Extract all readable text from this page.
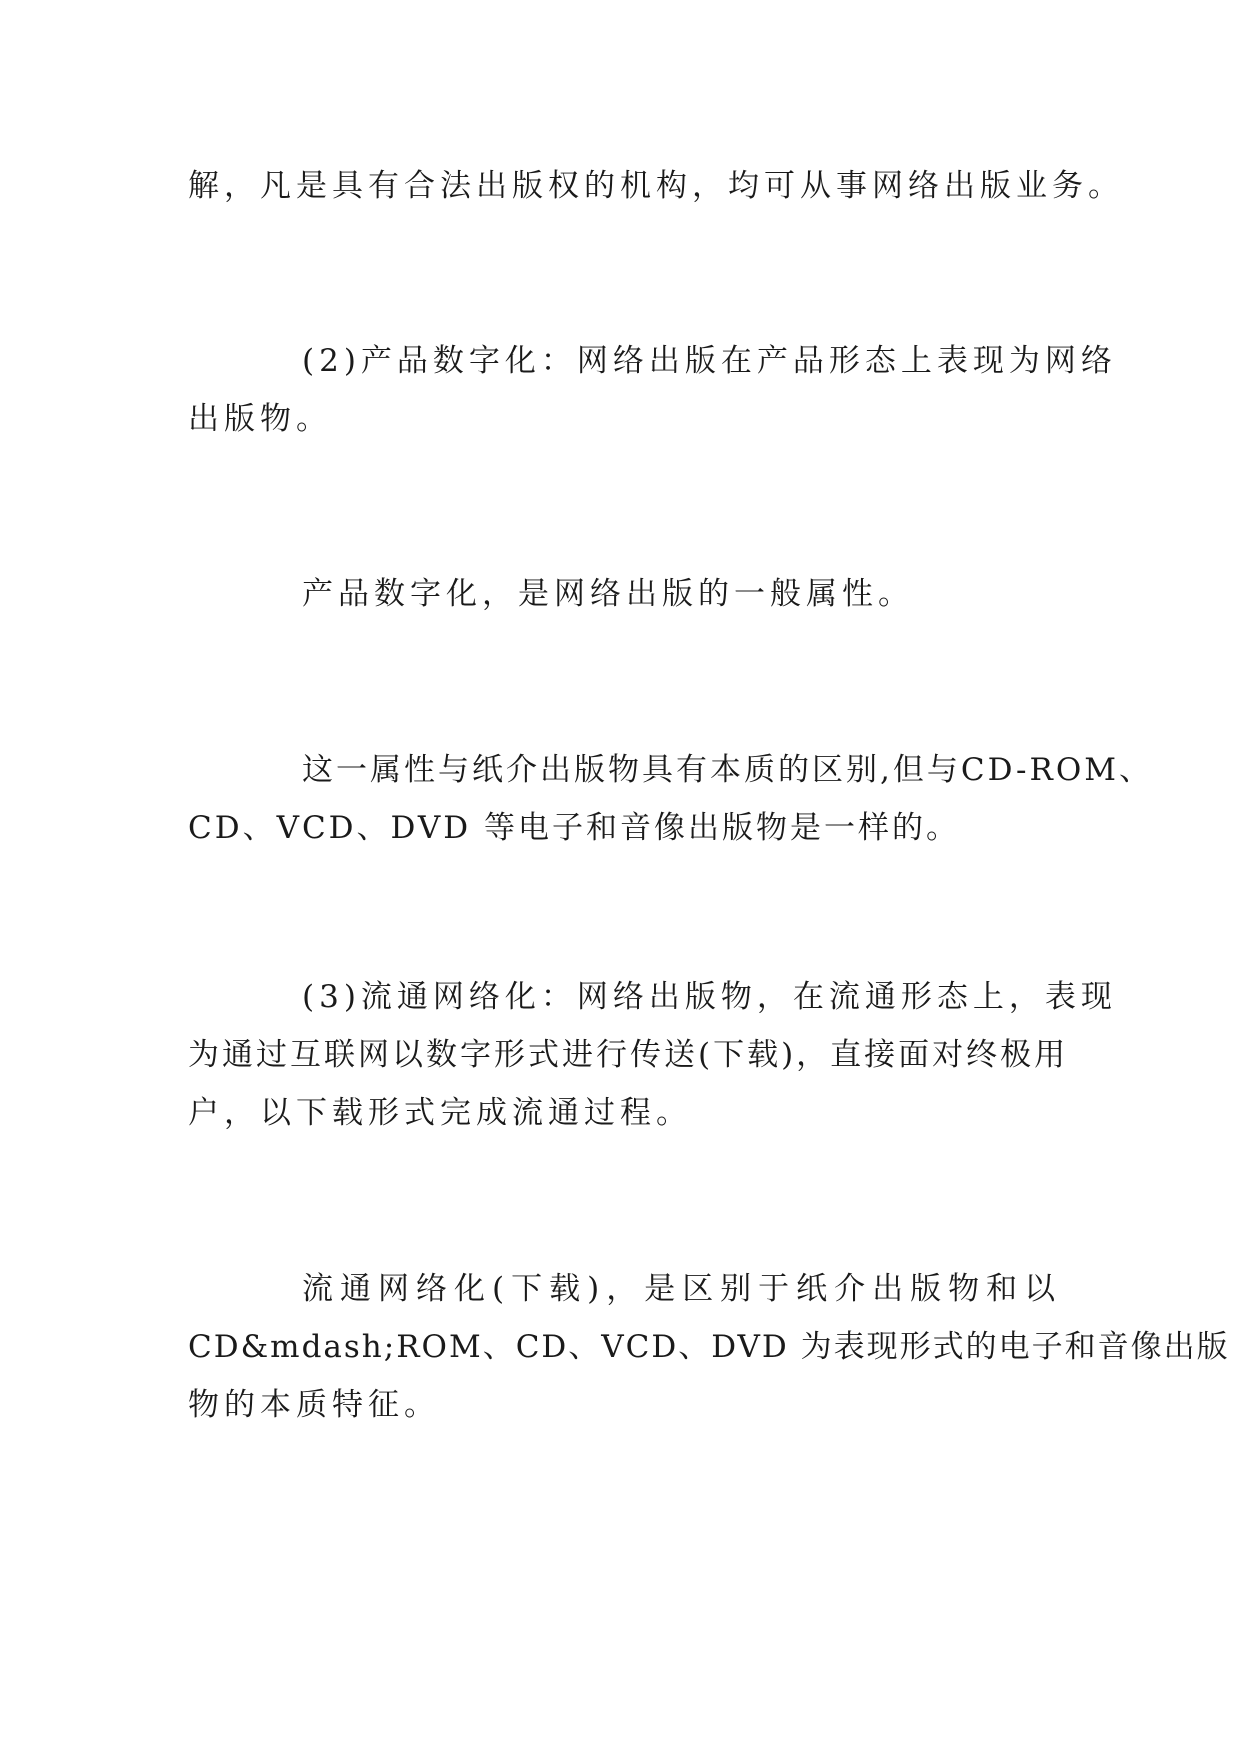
解，凡是具有合法出版权的机构，均可从事网络出版业务。
(2)产品数字化：网络出版在产品形态上表现为网络
出版物。
产品数字化，是网络出版的一般属性。
这一属性与纸介出版物具有本质的区别,但与CD-ROM、
CD、VCD、DVD 等电子和音像出版物是一样的。
(3)流通网络化：网络出版物，在流通形态上，表现
为通过互联网以数字形式进行传送(下载)，直接面对终极用
户，以下载形式完成流通过程。
流通网络化(下载)，是区别于纸介出版物和以
CD&mdash;ROM、CD、VCD、DVD 为表现形式的电子和音像出版
物的本质特征。
